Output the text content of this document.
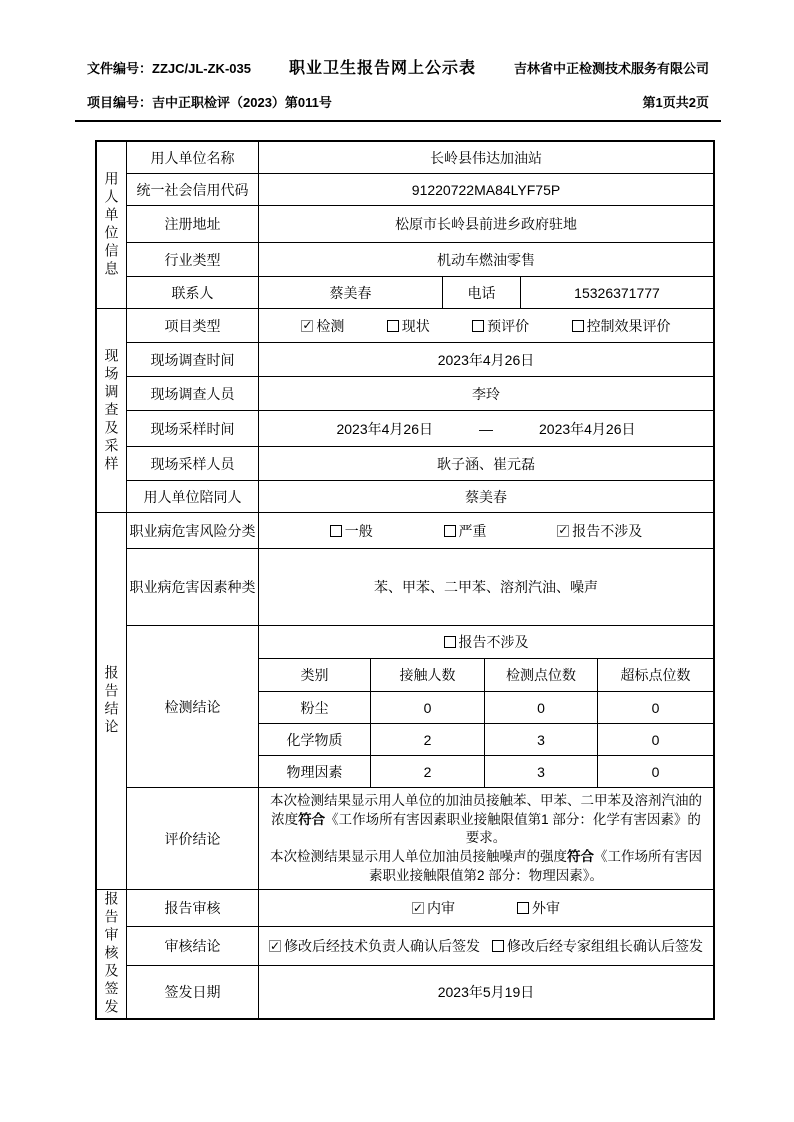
文件编号：ZZJC/JL-ZK-035 职业卫生报告网上公示表	吉林省中正检测技术服务有限公司
项目编号：吉中正职检评（2023）第011号	第1页共2页
用人单位信息
用人单位名称	长岭县伟达加油站
统一社会信用代码	91220722MA84LYF75P
注册地址	松原市长岭县前进乡政府驻地
行业类型	机动车燃油零售
联系人	蔡美春	电话	15326371777
现场调查及采样
项目类型 ✓	检测	现状	预评价	控制效果评价
现场调查时间	2023年4月26日
现场调查人员	李玲
现场采样时间	2023年4月26日	—	2023年4月26日
现场采样人员	耿子涵、崔元磊
用人单位陪同人	蔡美春
报告结论
职业病危害风险分类	一般	严重 ✓	报告不涉及
职业病危害因素种类	苯、甲苯、二甲苯、溶剂汽油、噪声
检测结论
报告不涉及
类别	接触人数	检测点位数	超标点位数
粉尘	0	0	0
化学物质	2	3	0
物理因素	2	3	0
评价结论

本次检测结果显示用人单位的加油员接触苯、甲苯、二甲苯及溶剂汽油的浓度符合《工作场所有害因素职业接触限值第1 部分：化学有害因素》的要求。

本次检测结果显示用人单位加油员接触噪声的强度符合《工作场所有害因素职业接触限值第2 部分：物理因素》。

报告审核及签发	报告审核 ✓	内审	外审
审核结论 ✓	修改后经技术负责人确认后签发 修改后经专家组组长确认后签发
签发日期	2023年5月19日
